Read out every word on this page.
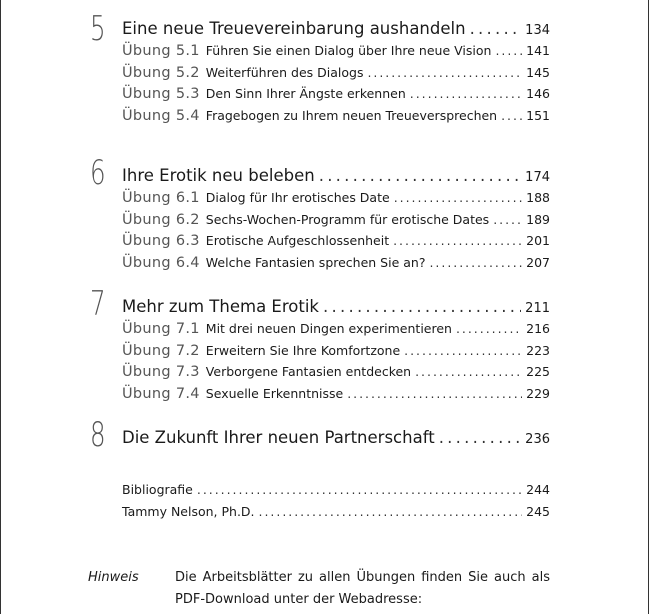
5 Eine neue Treuevereinbarung aushandeln . . .	134
Übung 5.1 Führen Sie einen Dialog über Ihre neue Vision . . .	141
Übung 5.2 Weiterführen des Dialogs . . .	145
Übung 5.3 Den Sinn Ihrer Ängste erkennen . . .	146
Übung 5.4 Fragebogen zu Ihrem neuen Treueversprechen . . . 151
6 Ihre Erotik neu beleben . . .	174
Übung 6.1 Dialog für Ihr erotisches Date . . .	188
Übung 6.2 Sechs-Wochen-Programm für erotische Dates . . .	189
Übung 6.3 Erotische Aufgeschlossenheit . . .	201
Übung 6.4 Welche Fantasien sprechen Sie an? . . .	207
7 Mehr zum Thema Erotik . . .	211
Übung 7.1 Mit drei neuen Dingen experimentieren . . .	216
Übung 7.2 Erweitern Sie Ihre Komfortzone . . .	223
Übung 7.3 Verborgene Fantasien entdecken . . .	225
Übung 7.4 Sexuelle Erkenntnisse . . .	229
8 Die Zukunft Ihrer neuen Partnerschaft . . .	236
Bibliografie . . .	244
Tammy Nelson, Ph.D. . . .	245
Hinweis	Die Arbeitsblätter zu allen Übungen finden Sie auch als
PDF-Download unter der Webadresse:
